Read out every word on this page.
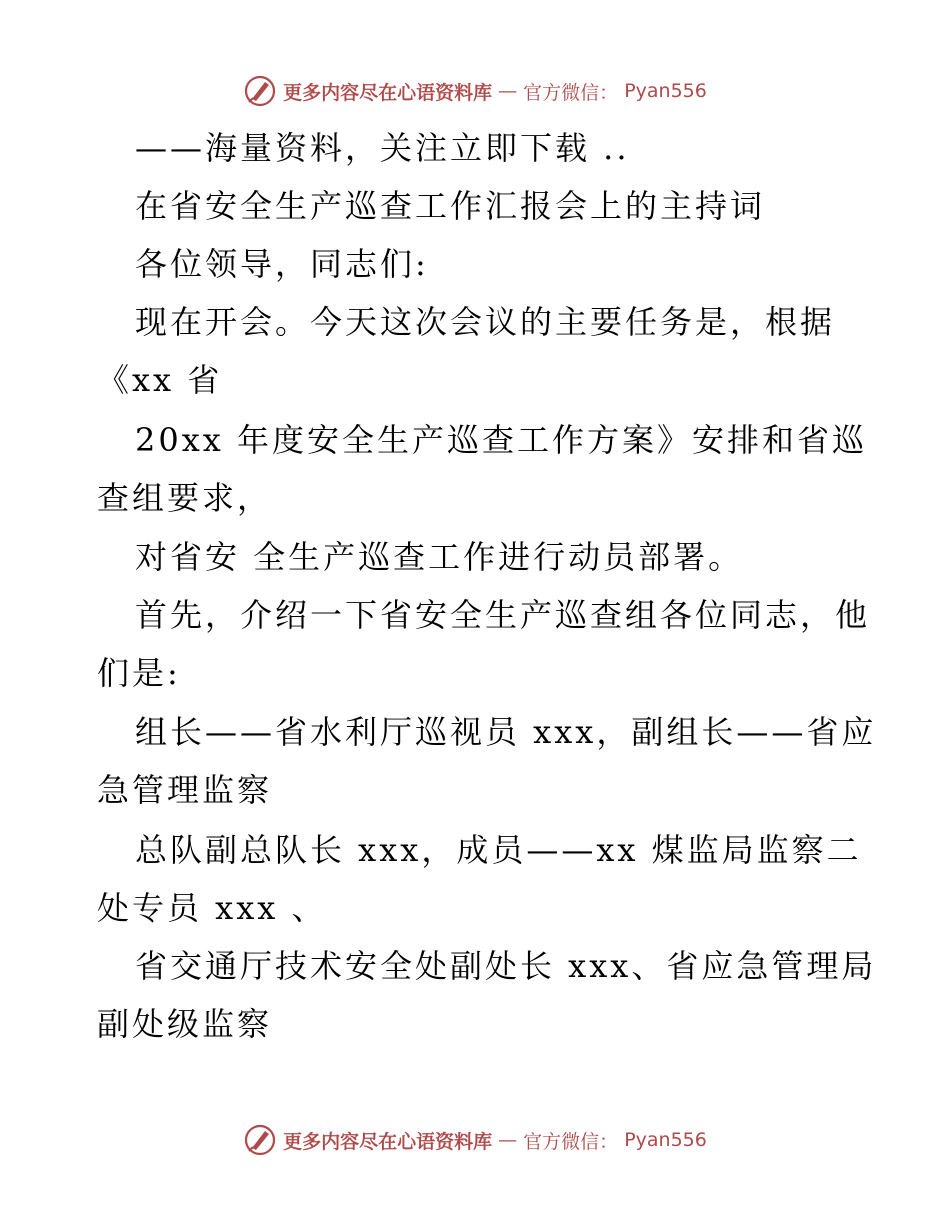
更多内容尽在心语资料库 — 官方微信： Pyan556
——海量资料，关注立即下载 ..
在省安全生产巡查工作汇报会上的主持词
各位领导，同志们:
现在开会。今天这次会议的主要任务是，根据
《xx 省
20xx 年度安全生产巡查工作方案》安排和省巡
查组要求，
对省安 全生产巡查工作进行动员部署。
首先，介绍一下省安全生产巡查组各位同志，他
们是:
组长——省水利厅巡视员 xxx，副组长——省应
急管理监察
总队副总队长 xxx，成员——xx 煤监局监察二
处专员 xxx 、
省交通厅技术安全处副处长 xxx、省应急管理局
副处级监察
更多内容尽在心语资料库 — 官方微信： Pyan556
